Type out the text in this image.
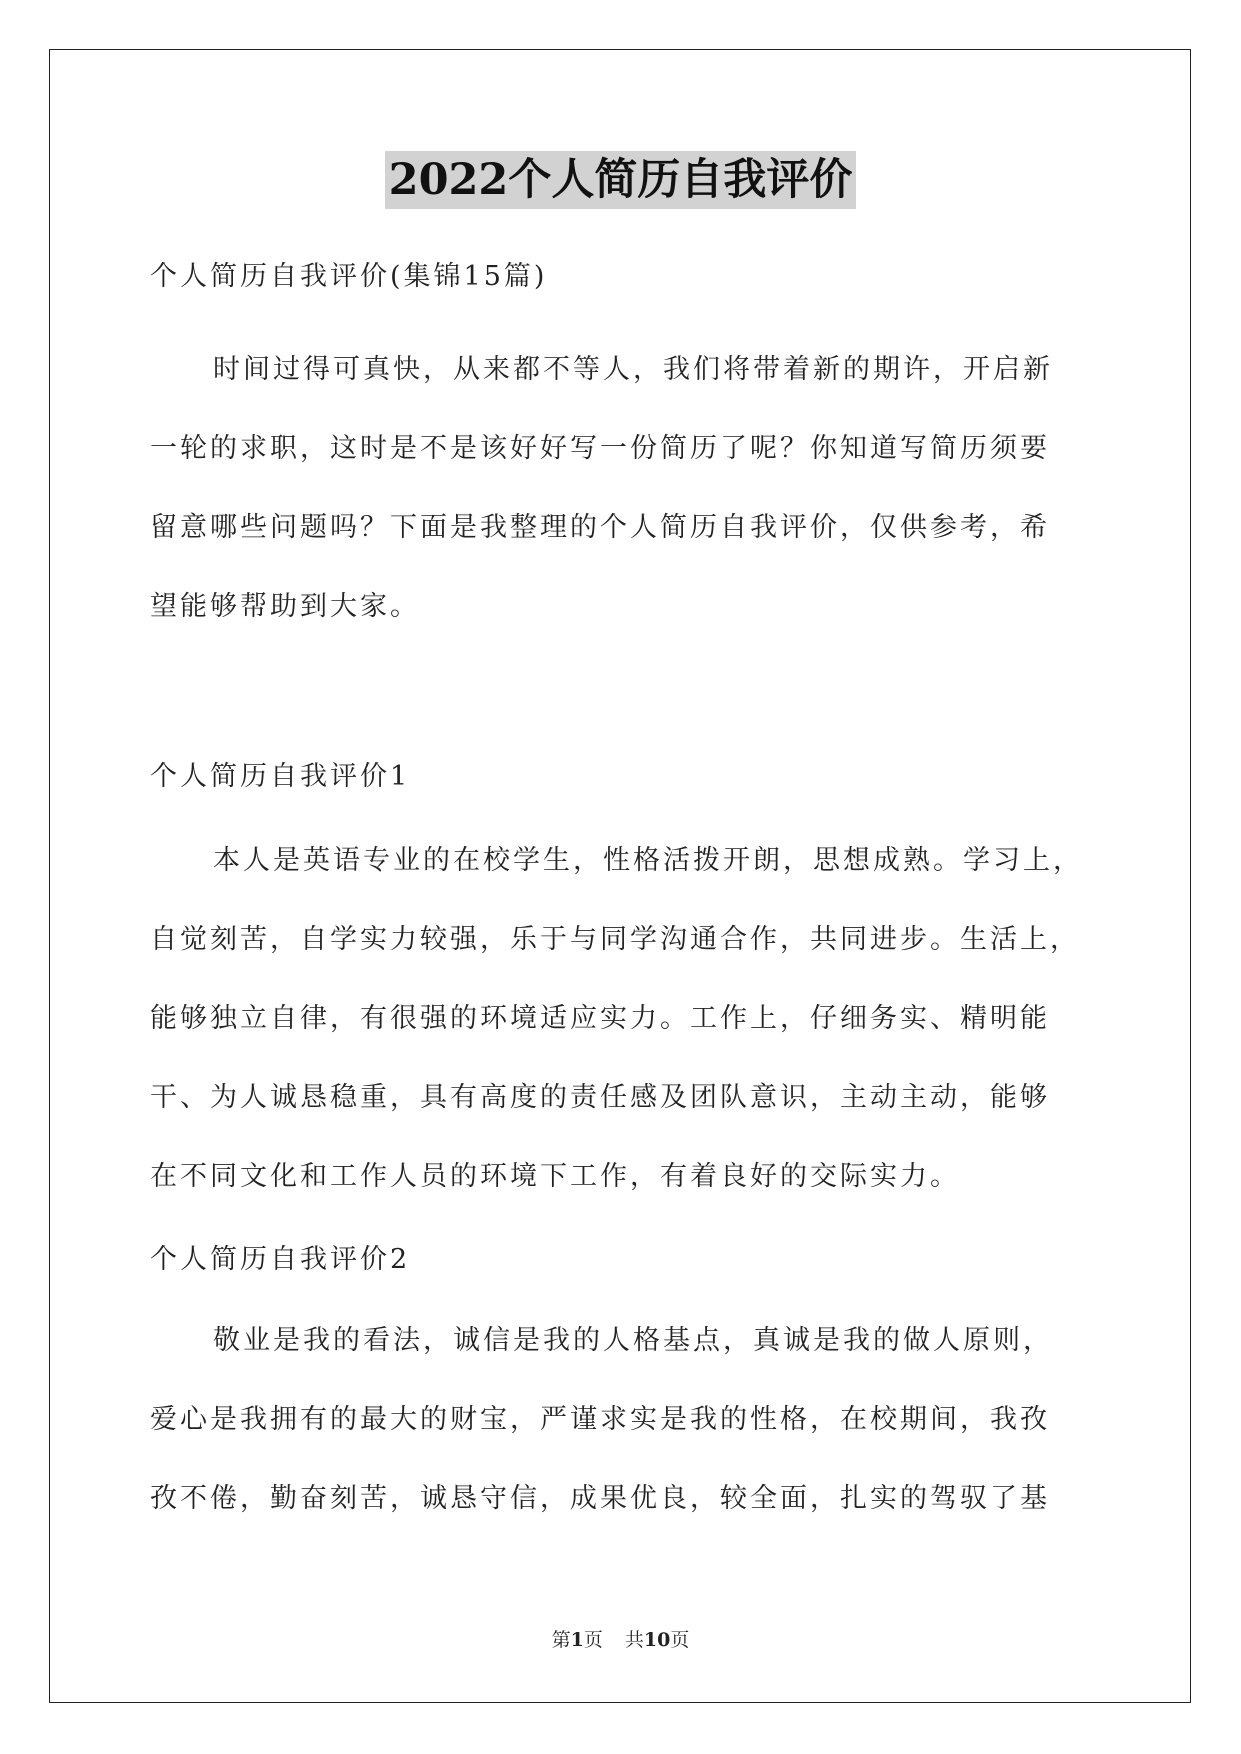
2022个人简历自我评价
个人简历自我评价(集锦15篇)
时间过得可真快，从来都不等人，我们将带着新的期许，开启新
一轮的求职，这时是不是该好好写一份简历了呢？你知道写简历须要
留意哪些问题吗？下面是我整理的个人简历自我评价，仅供参考，希
望能够帮助到大家。
个人简历自我评价1
本人是英语专业的在校学生，性格活拨开朗，思想成熟。学习上，
自觉刻苦，自学实力较强，乐于与同学沟通合作，共同进步。生活上，
能够独立自律，有很强的环境适应实力。工作上，仔细务实、精明能
干、为人诚恳稳重，具有高度的责任感及团队意识，主动主动，能够
在不同文化和工作人员的环境下工作，有着良好的交际实力。
个人简历自我评价2
敬业是我的看法，诚信是我的人格基点，真诚是我的做人原则，
爱心是我拥有的最大的财宝，严谨求实是我的性格，在校期间，我孜
孜不倦，勤奋刻苦，诚恳守信，成果优良，较全面，扎实的驾驭了基
第1页 共10页
